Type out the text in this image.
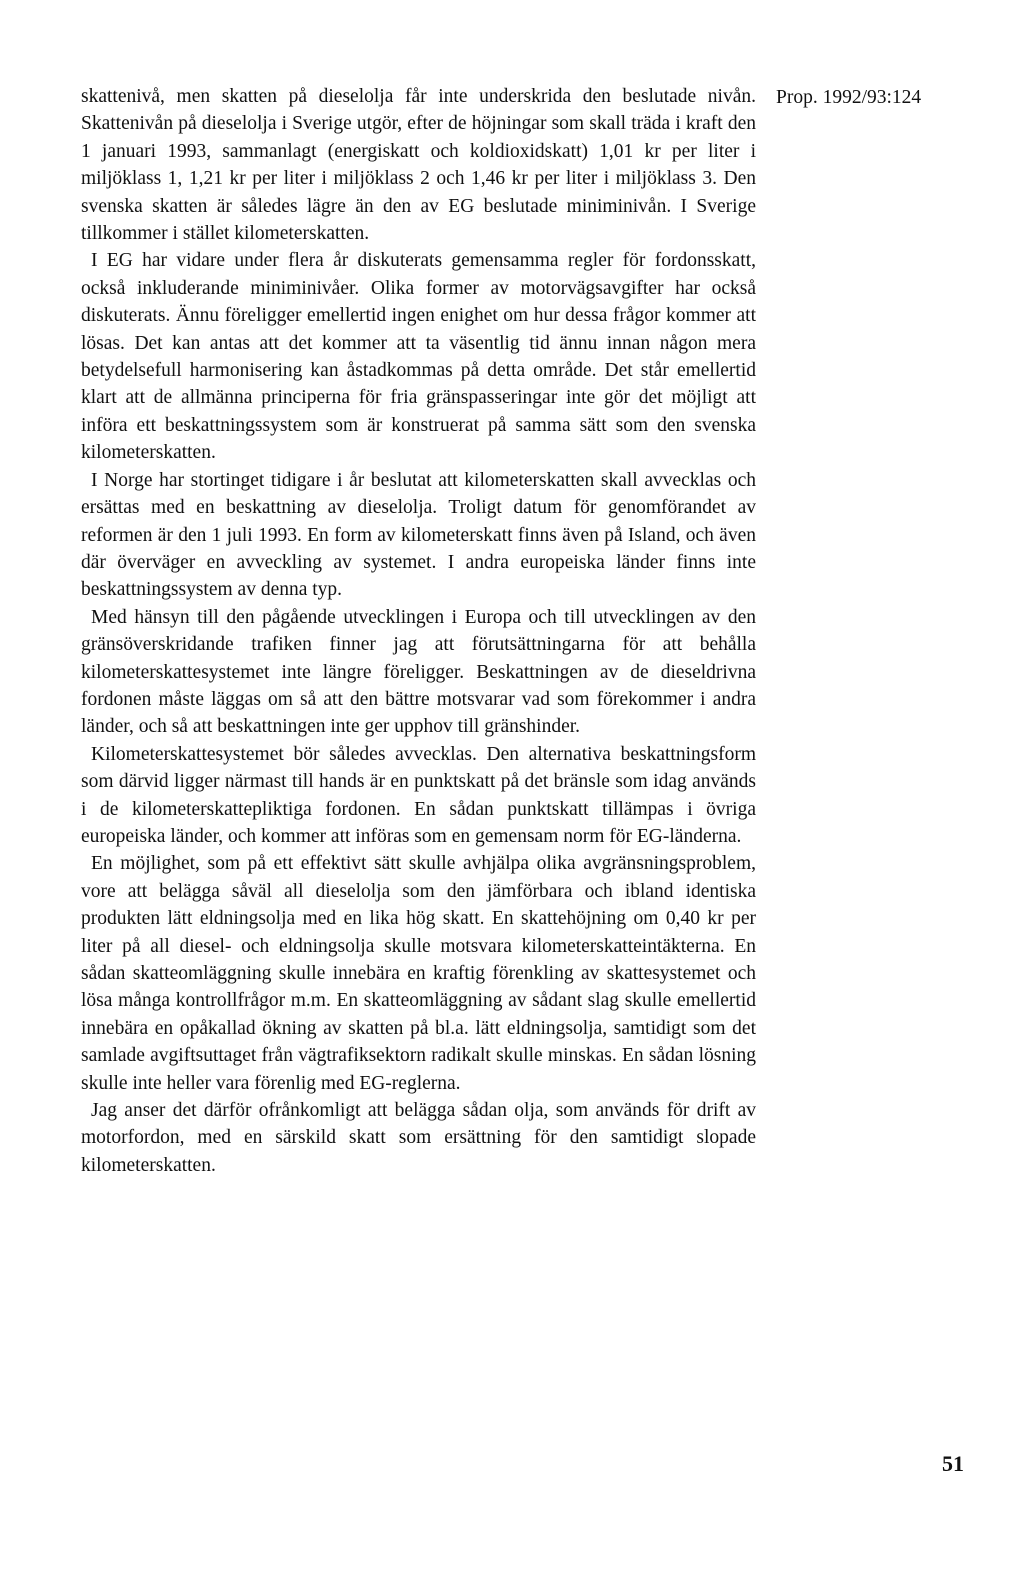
Prop. 1992/93:124

skattenivå, men skatten på dieselolja får inte underskrida den beslutade nivån. Skattenivån på dieselolja i Sverige utgör, efter de höjningar som skall träda i kraft den 1 januari 1993, sammanlagt (energiskatt och koldioxidskatt) 1,01 kr per liter i miljöklass 1, 1,21 kr per liter i miljöklass 2 och 1,46 kr per liter i miljöklass 3. Den svenska skatten är således lägre än den av EG beslutade miniminivån. I Sverige tillkommer i stället kilometerskatten.

I EG har vidare under flera år diskuterats gemensamma regler för fordonsskatt, också inkluderande miniminivåer. Olika former av motorvägsavgifter har också diskuterats. Ännu föreligger emellertid ingen enighet om hur dessa frågor kommer att lösas. Det kan antas att det kommer att ta väsentlig tid ännu innan någon mera betydelsefull harmonisering kan åstadkommas på detta område. Det står emellertid klart att de allmänna principerna för fria gränspasseringar inte gör det möjligt att införa ett beskattningssystem som är konstruerat på samma sätt som den svenska kilometerskatten.

I Norge har stortinget tidigare i år beslutat att kilometerskatten skall avvecklas och ersättas med en beskattning av dieselolja. Troligt datum för genomförandet av reformen är den 1 juli 1993. En form av kilometerskatt finns även på Island, och även där överväger en avveckling av systemet. I andra europeiska länder finns inte beskattningssystem av denna typ.

Med hänsyn till den pågående utvecklingen i Europa och till utvecklingen av den gränsöverskridande trafiken finner jag att förutsättningarna för att behålla kilometerskattesystemet inte längre föreligger. Beskattningen av de dieseldrivna fordonen måste läggas om så att den bättre motsvarar vad som förekommer i andra länder, och så att beskattningen inte ger upphov till gränshinder.

Kilometerskattesystemet bör således avvecklas. Den alternativa beskattningsform som därvid ligger närmast till hands är en punktskatt på det bränsle som idag används i de kilometerskattepliktiga fordonen. En sådan punktskatt tillämpas i övriga europeiska länder, och kommer att införas som en gemensam norm för EG-länderna.

En möjlighet, som på ett effektivt sätt skulle avhjälpa olika avgränsningsproblem, vore att belägga såväl all dieselolja som den jämförbara och ibland identiska produkten lätt eldningsolja med en lika hög skatt. En skattehöjning om 0,40 kr per liter på all diesel- och eldningsolja skulle motsvara kilometerskatteintäkterna. En sådan skatteomläggning skulle innebära en kraftig förenkling av skattesystemet och lösa många kontrollfrågor m.m. En skatteomläggning av sådant slag skulle emellertid innebära en opåkallad ökning av skatten på bl.a. lätt eldningsolja, samtidigt som det samlade avgiftsuttaget från vägtrafiksektorn radikalt skulle minskas. En sådan lösning skulle inte heller vara förenlig med EG-reglerna.

Jag anser det därför ofrånkomligt att belägga sådan olja, som används för drift av motorfordon, med en särskild skatt som ersättning för den samtidigt slopade kilometerskatten.

51
